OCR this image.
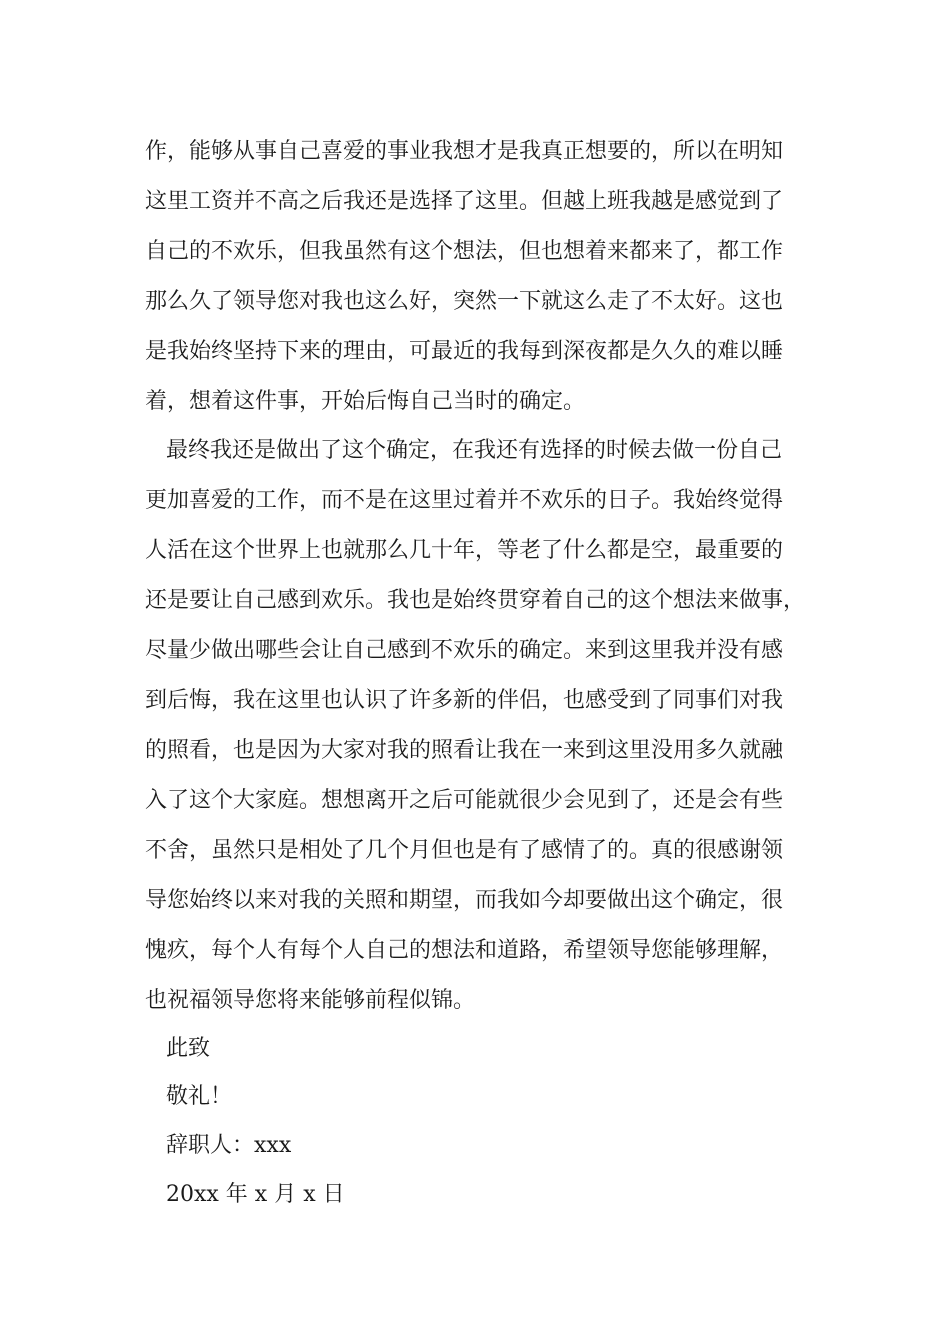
作，能够从事自己喜爱的事业我想才是我真正想要的，所以在明知
这里工资并不高之后我还是选择了这里。但越上班我越是感觉到了
自己的不欢乐，但我虽然有这个想法，但也想着来都来了，都工作
那么久了领导您对我也这么好，突然一下就这么走了不太好。这也
是我始终坚持下来的理由，可最近的我每到深夜都是久久的难以睡
着，想着这件事，开始后悔自己当时的确定。
最终我还是做出了这个确定，在我还有选择的时候去做一份自己
更加喜爱的工作，而不是在这里过着并不欢乐的日子。我始终觉得
人活在这个世界上也就那么几十年，等老了什么都是空，最重要的
还是要让自己感到欢乐。我也是始终贯穿着自己的这个想法来做事，
尽量少做出哪些会让自己感到不欢乐的确定。来到这里我并没有感
到后悔，我在这里也认识了许多新的伴侣，也感受到了同事们对我
的照看，也是因为大家对我的照看让我在一来到这里没用多久就融
入了这个大家庭。想想离开之后可能就很少会见到了，还是会有些
不舍，虽然只是相处了几个月但也是有了感情了的。真的很感谢领
导您始终以来对我的关照和期望，而我如今却要做出这个确定，很
愧疚，每个人有每个人自己的想法和道路，希望领导您能够理解，
也祝福领导您将来能够前程似锦。
此致
敬礼！
辞职人：xxx
20xx 年 x 月 x 日
